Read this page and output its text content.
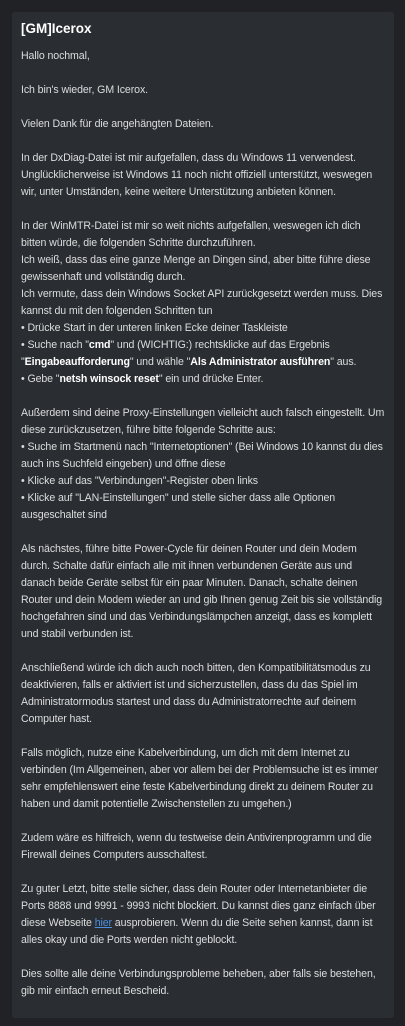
[GM]Icerox

Hallo nochmal,

Ich bin's wieder, GM Icerox.

Vielen Dank für die angehängten Dateien.

In der DxDiag-Datei ist mir aufgefallen, dass du Windows 11 verwendest. Unglücklicherweise ist Windows 11 noch nicht offiziell unterstützt, weswegen wir, unter Umständen, keine weitere Unterstützung anbieten können.

In der WinMTR-Datei ist mir so weit nichts aufgefallen, weswegen ich dich bitten würde, die folgenden Schritte durchzuführen.
Ich weiß, dass das eine ganze Menge an Dingen sind, aber bitte führe diese gewissenhaft und vollständig durch.
Ich vermute, dass dein Windows Socket API zurückgesetzt werden muss. Dies kannst du mit den folgenden Schritten tun
• Drücke Start in der unteren linken Ecke deiner Taskleiste
• Suche nach "cmd" und (WICHTIG:) rechtsklicke auf das Ergebnis "Eingabeaufforderung" und wähle "Als Administrator ausführen" aus.
• Gebe "netsh winsock reset" ein und drücke Enter.

Außerdem sind deine Proxy-Einstellungen vielleicht auch falsch eingestellt. Um diese zurückzusetzen, führe bitte folgende Schritte aus:
• Suche im Startmenü nach "Internetoptionen" (Bei Windows 10 kannst du dies auch ins Suchfeld eingeben) und öffne diese
• Klicke auf das "Verbindungen"-Register oben links
• Klicke auf "LAN-Einstellungen" und stelle sicher dass alle Optionen ausgeschaltet sind

Als nächstes, führe bitte Power-Cycle für deinen Router und dein Modem durch. Schalte dafür einfach alle mit ihnen verbundenen Geräte aus und danach beide Geräte selbst für ein paar Minuten. Danach, schalte deinen Router und dein Modem wieder an und gib Ihnen genug Zeit bis sie vollständig hochgefahren sind und das Verbindungslämpchen anzeigt, dass es komplett und stabil verbunden ist.

Anschließend würde ich dich auch noch bitten, den Kompatibilitätsmodus zu deaktivieren, falls er aktiviert ist und sicherzustellen, dass du das Spiel im Administratormodus startest und dass du Administratorrechte auf deinem Computer hast.

Falls möglich, nutze eine Kabelverbindung, um dich mit dem Internet zu verbinden (Im Allgemeinen, aber vor allem bei der Problemsuche ist es immer sehr empfehlenswert eine feste Kabelverbindung direkt zu deinem Router zu haben und damit potentielle Zwischenstellen zu umgehen.)

Zudem wäre es hilfreich, wenn du testweise dein Antivirenprogramm und die Firewall deines Computers ausschaltest.

Zu guter Letzt, bitte stelle sicher, dass dein Router oder Internetanbieter die Ports 8888 und 9991 - 9993 nicht blockiert. Du kannst dies ganz einfach über diese Webseite hier ausprobieren. Wenn du die Seite sehen kannst, dann ist alles okay und die Ports werden nicht geblockt.

Dies sollte alle deine Verbindungsprobleme beheben, aber falls sie bestehen, gib mir einfach erneut Bescheid.
